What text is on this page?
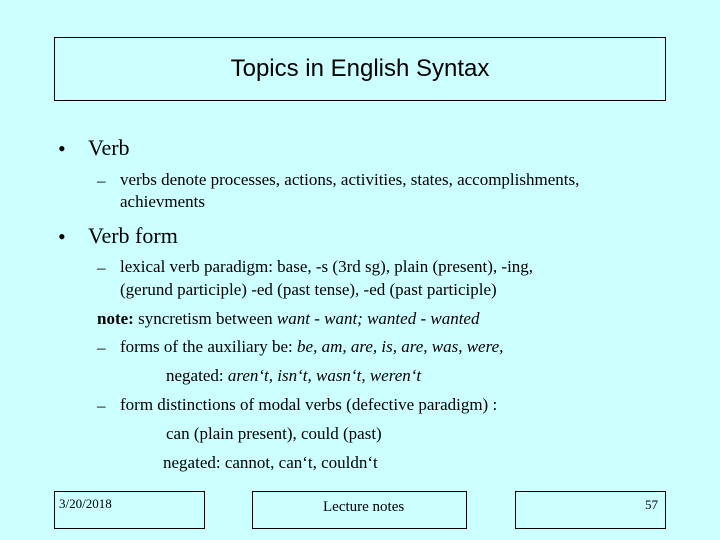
Topics in English Syntax
• Verb
– verbs denote processes, actions, activities, states, accomplishments,
achievments
• Verb form
– lexical verb paradigm: base, -s (3rd sg), plain (present), -ing,
(gerund participle) -ed (past tense), -ed (past participle)
note: syncretism between want - want; wanted - wanted
– forms of the auxiliary be: be, am, are, is, are, was, were,
negated: aren‘t, isn‘t, wasn‘t, weren‘t
– form distinctions of modal verbs (defective paradigm) :
can (plain present), could (past)
negated: cannot, can‘t, couldn‘t
3/20/2018	Lecture notes	57
